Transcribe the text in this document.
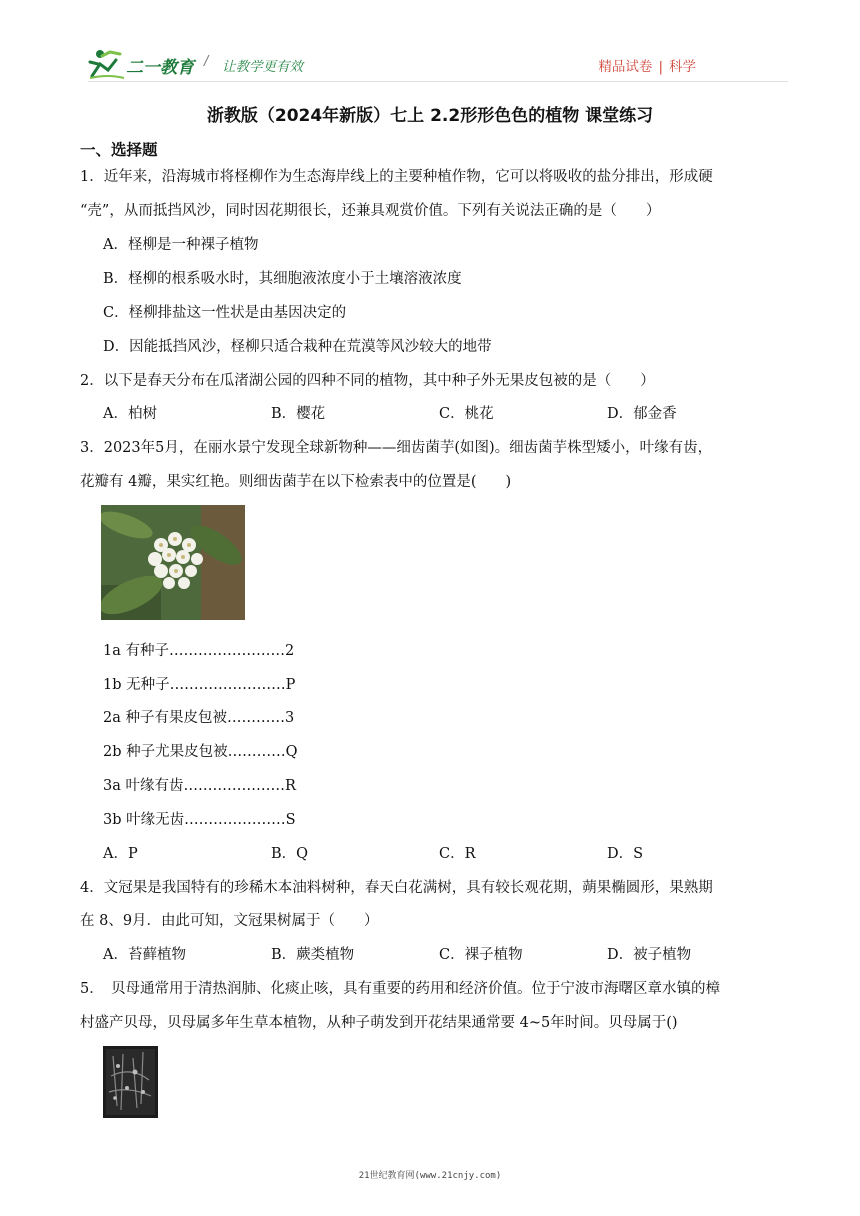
二一教育 / 让教学更有效	精品试卷 | 科学
浙教版（2024年新版）七上 2.2形形色色的植物 课堂练习
一、选择题
1．近年来，沿海城市将柽柳作为生态海岸线上的主要种植作物，它可以将吸收的盐分排出，形成硬
“壳”，从而抵挡风沙，同时因花期很长，还兼具观赏价值。下列有关说法正确的是（　　）
A．柽柳是一种裸子植物
B．柽柳的根系吸水时，其细胞液浓度小于土壤溶液浓度
C．柽柳排盐这一性状是由基因决定的
D．因能抵挡风沙，柽柳只适合栽种在荒漠等风沙较大的地带
2．以下是春天分布在瓜渚湖公园的四种不同的植物，其中种子外无果皮包被的是（　　）
A．柏树	B．樱花	C．桃花	D．郁金香
3．2023年5月，在丽水景宁发现全球新物种——细齿菌芋(如图)。细齿菌芋株型矮小，叶缘有齿，
花瓣有 4瓣，果实红艳。则细齿菌芋在以下检索表中的位置是(　　)
1a 有种子……………………2
1b 无种子……………………P
2a 种子有果皮包被…………3
2b 种子尤果皮包被…………Q
3a 叶缘有齿…………………R
3b 叶缘无齿…………………S
A．P	B．Q	C．R	D．S
4．文冠果是我国特有的珍稀木本油料树种，春天白花满树，具有较长观花期，蒴果椭圆形，果熟期
在 8、9月．由此可知，文冠果树属于（　　）
A．苔藓植物	B．蕨类植物	C．裸子植物	D．被子植物
5．　贝母通常用于清热润肺、化痰止咳，具有重要的药用和经济价值。位于宁波市海曙区章水镇的樟
村盛产贝母，贝母属多年生草本植物，从种子萌发到开花结果通常要 4~5年时间。贝母属于()
21世纪教育网(www.21cnjy.com)
